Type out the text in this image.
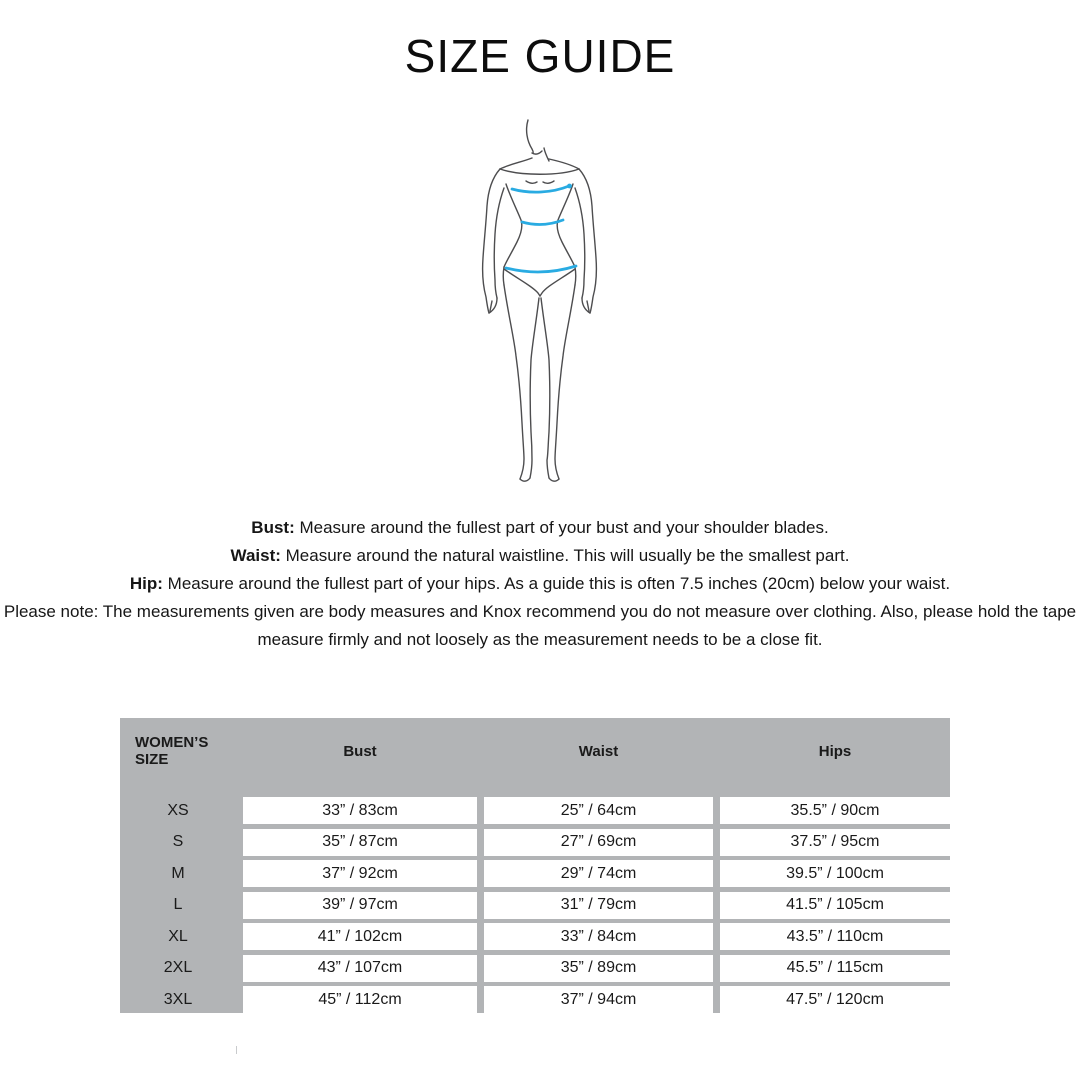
SIZE GUIDE
Bust: Measure around the fullest part of your bust and your shoulder blades.
Waist: Measure around the natural waistline. This will usually be the smallest part.
Hip: Measure around the fullest part of your hips. As a guide this is often 7.5 inches (20cm) below your waist.
Please note: The measurements given are body measures and Knox recommend you do not measure over clothing. Also, please hold the tape
measure firmly and not loosely as the measurement needs to be a close fit.
WOMEN’S SIZE	Bust	Waist	Hips
XS	33” / 83cm	25” / 64cm	35.5” / 90cm
S	35” / 87cm	27” / 69cm	37.5” / 95cm
M	37” / 92cm	29” / 74cm	39.5” / 100cm
L	39” / 97cm	31” / 79cm	41.5” / 105cm
XL	41” / 102cm	33” / 84cm	43.5” / 110cm
2XL	43” / 107cm	35” / 89cm	45.5” / 115cm
3XL	45” / 112cm	37” / 94cm	47.5” / 120cm
